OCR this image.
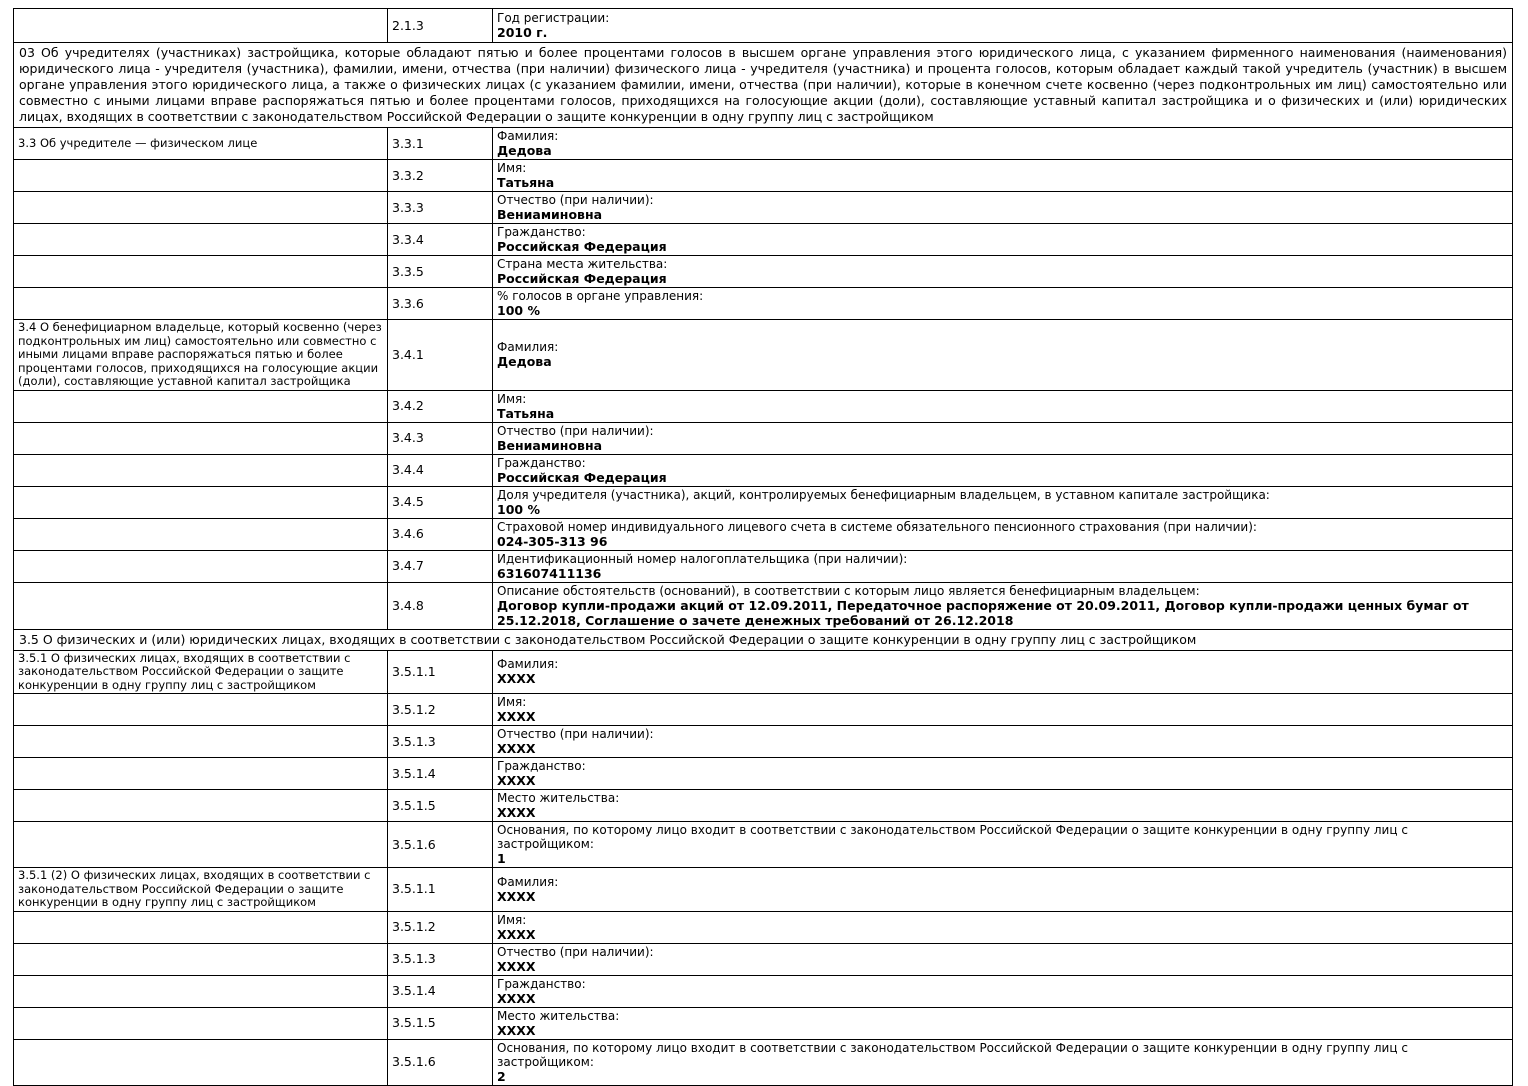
	2.1.3	Год регистрации:
2010 г.

03 Об учредителях (участниках) застройщика, которые обладают пятью и более процентами голосов в высшем органе управления этого юридического лица, с указанием фирменного наименования (наименования) юридического лица - учредителя (участника), фамилии, имени, отчества (при наличии) физического лица - учредителя (участника) и процента голосов, которым обладает каждый такой учредитель (участник) в высшем органе управления этого юридического лица, а также о физических лицах (с указанием фамилии, имени, отчества (при наличии), которые в конечном счете косвенно (через подконтрольных им лиц) самостоятельно или совместно с иными лицами вправе распоряжаться пятью и более процентами голосов, приходящихся на голосующие акции (доли), составляющие уставный капитал застройщика и о физических и (или) юридических лицах, входящих в соответствии с законодательством Российской Федерации о защите конкуренции в одну группу лиц с застройщиком		
3.3 Об учредителе — физическом лице	3.3.1	Фамилия:
Дедова

	3.3.2	Имя:
Татьяна

	3.3.3	Отчество (при наличии):
Вениаминовна

	3.3.4	Гражданство:
Российская Федерация

	3.3.5	Страна места жительства:
Российская Федерация

	3.3.6	% голосов в органе управления:
100 %

3.4 О бенефициарном владельце, который косвенно (через подконтрольных им лиц) самостоятельно или совместно с иными лицами вправе распоряжаться пятью и более процентами голосов, приходящихся на голосующие акции (доли), составляющие уставной капитал застройщика	3.4.1	Фамилия:
Дедова

	3.4.2	Имя:
Татьяна

	3.4.3	Отчество (при наличии):
Вениаминовна

	3.4.4	Гражданство:
Российская Федерация

	3.4.5	Доля учредителя (участника), акций, контролируемых бенефициарным владельцем, в уставном капитале застройщика:
100 %

	3.4.6	Страховой номер индивидуального лицевого счета в системе обязательного пенсионного страхования (при наличии):
024-305-313 96

	3.4.7	Идентификационный номер налогоплательщика (при наличии):
631607411136

	3.4.8	Описание обстоятельств (оснований), в соответствии с которым лицо является бенефициарным владельцем:
Договор купли-продажи акций от 12.09.2011, Передаточное распоряжение от 20.09.2011, Договор купли-продажи ценных бумаг от 25.12.2018, Соглашение о зачете денежных требований от 26.12.2018

3.5 О физических и (или) юридических лицах, входящих в соответствии с законодательством Российской Федерации о защите конкуренции в одну группу лиц с застройщиком		
3.5.1 О физических лицах, входящих в соответствии с законодательством Российской Федерации о защите конкуренции в одну группу лиц с застройщиком	3.5.1.1	Фамилия:
XXXX

	3.5.1.2	Имя:
XXXX

	3.5.1.3	Отчество (при наличии):
XXXX

	3.5.1.4	Гражданство:
XXXX

	3.5.1.5	Место жительства:
XXXX

	3.5.1.6	Основания, по которому лицо входит в соответствии с законодательством Российской Федерации о защите конкуренции в одну группу лиц с застройщиком:
1

3.5.1 (2) О физических лицах, входящих в соответствии с законодательством Российской Федерации о защите конкуренции в одну группу лиц с застройщиком	3.5.1.1	Фамилия:
XXXX

	3.5.1.2	Имя:
XXXX

	3.5.1.3	Отчество (при наличии):
XXXX

	3.5.1.4	Гражданство:
XXXX

	3.5.1.5	Место жительства:
XXXX

	3.5.1.6	Основания, по которому лицо входит в соответствии с законодательством Российской Федерации о защите конкуренции в одну группу лиц с застройщиком:
2
